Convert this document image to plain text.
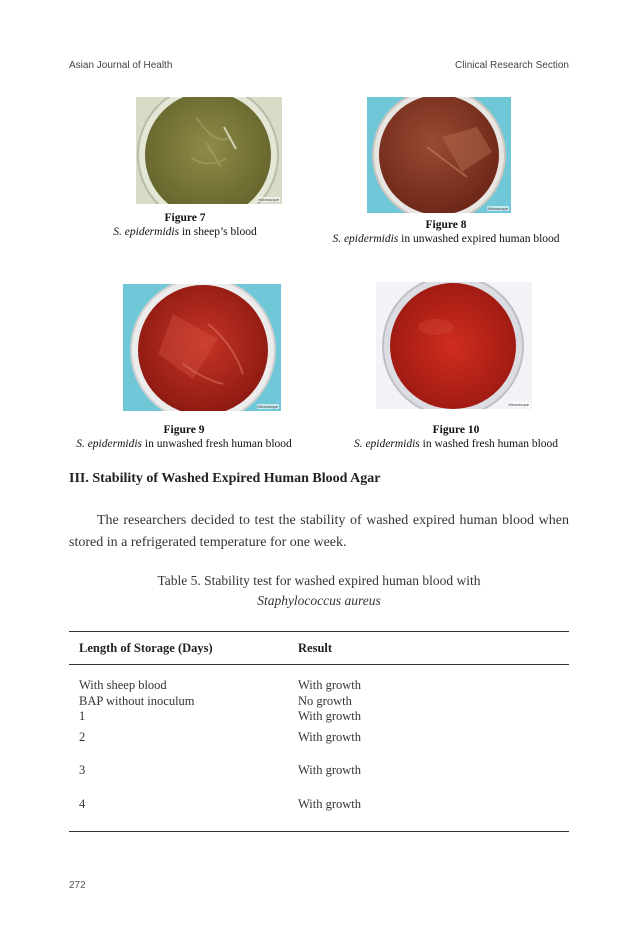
Asian Journal of Health	Clinical Research Section
Microscope
Figure 7
S. epidermidis in sheep’s blood
Microscope
Figure 8
S. epidermidis in unwashed expired human blood
Microscope
Figure 9
S. epidermidis in unwashed fresh human blood
Microscope
Figure 10
S. epidermidis in washed fresh human blood
III. Stability of Washed Expired Human Blood Agar
The researchers decided to test the stability of washed expired human blood when stored in a refrigerated temperature for one week.
Table 5. Stability test for washed expired human blood with
Staphylococcus aureus
Length of Storage (Days)	Result
With sheep blood	With growth
BAP without inoculum	No growth
1	With growth
2	With growth
3	With growth
4	With growth
272
